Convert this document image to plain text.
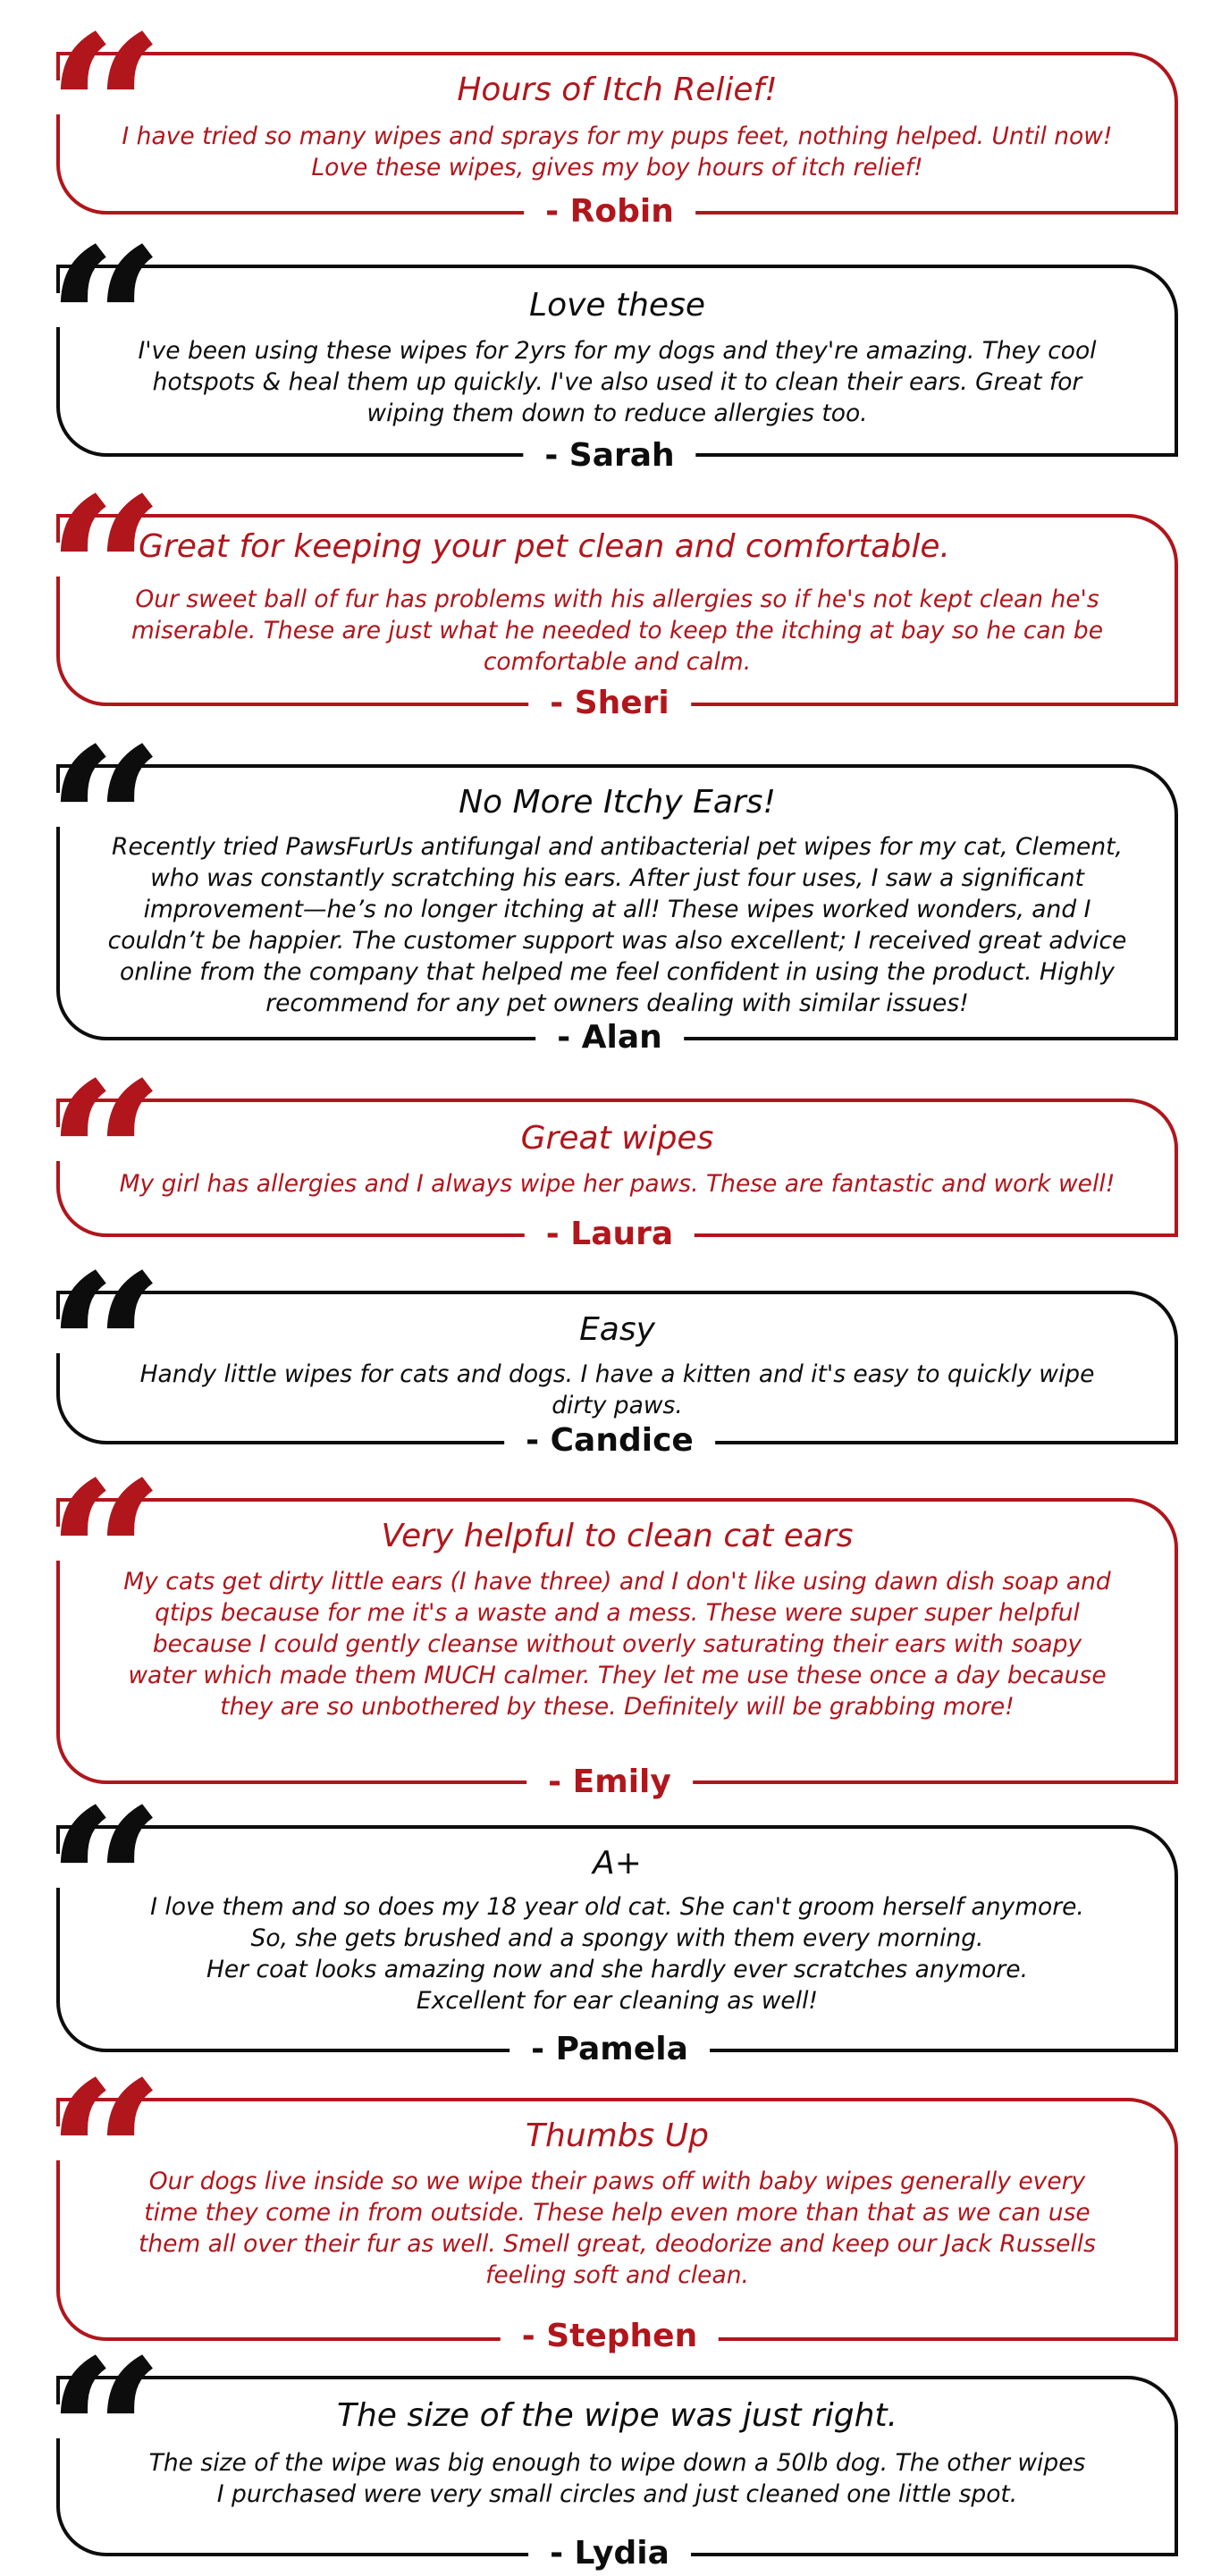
“	Hours of Itch Relief!
I have tried so many wipes and sprays for my pups feet, nothing helped. Until now!
Love these wipes, gives my boy hours of itch relief!
- Robin
“	Love these
I've been using these wipes for 2yrs for my dogs and they're amazing. They cool
hotspots & heal them up quickly. I've also used it to clean their ears. Great for
wiping them down to reduce allergies too.
- Sarah
“
Great for keeping your pet clean and comfortable.
Our sweet ball of fur has problems with his allergies so if he's not kept clean he's
miserable. These are just what he needed to keep the itching at bay so he can be
comfortable and calm.
- Sheri
“	No More Itchy Ears!
Recently tried PawsFurUs antifungal and antibacterial pet wipes for my cat, Clement,
who was constantly scratching his ears. After just four uses, I saw a significant
improvement—he’s no longer itching at all! These wipes worked wonders, and I
couldn’t be happier. The customer support was also excellent; I received great advice
online from the company that helped me feel confident in using the product. Highly
recommend for any pet owners dealing with similar issues!
- Alan
“	Great wipes
My girl has allergies and I always wipe her paws. These are fantastic and work well!
- Laura
“	Easy
Handy little wipes for cats and dogs. I have a kitten and it's easy to quickly wipe
dirty paws.
- Candice
“	Very helpful to clean cat ears
My cats get dirty little ears (I have three) and I don't like using dawn dish soap and
qtips because for me it's a waste and a mess. These were super super helpful
because I could gently cleanse without overly saturating their ears with soapy
water which made them MUCH calmer. They let me use these once a day because
they are so unbothered by these. Definitely will be grabbing more!
- Emily
“	A+
I love them and so does my 18 year old cat. She can't groom herself anymore.
So, she gets brushed and a spongy with them every morning.
Her coat looks amazing now and she hardly ever scratches anymore.
Excellent for ear cleaning as well!
- Pamela
“	Thumbs Up
Our dogs live inside so we wipe their paws off with baby wipes generally every
time they come in from outside. These help even more than that as we can use
them all over their fur as well. Smell great, deodorize and keep our Jack Russells
feeling soft and clean.
- Stephen
“	The size of the wipe was just right.
The size of the wipe was big enough to wipe down a 50lb dog. The other wipes
I purchased were very small circles and just cleaned one little spot.
- Lydia
